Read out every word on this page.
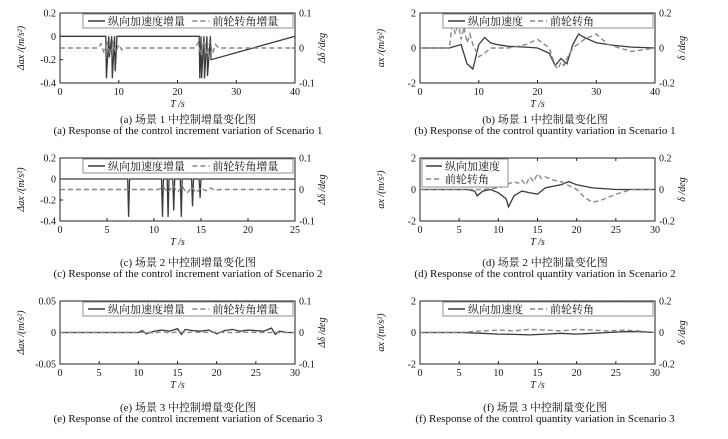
0	10	20	30	40
0.2
0
-0.2
-0.4
0.1
0
-0.1
T /s
Δax /(m/s²)	Δδ /deg
纵向加速度增量 前轮转角增量
0	10	20	30	40
2
0
-2
0.2
0
-0.2
T /s
ax /(m/s²)	δ /deg
纵向加速度 前轮转角
0	5	10	15	20	25
0.2
0
-0.2
-0.4
0.1
0
-0.1
T /s
Δax /(m/s²)	Δδ /deg
纵向加速度增量 前轮转角增量
0	5	10	15	20	25	30
2
0
-2
0.2
0
-0.2
T /s
ax /(m/s²)	δ /deg
纵向加速度
前轮转角
0	5	10	15	20	25	30
0.05
0
-0.05
0.1
0
-0.1
T /s
Δax /(m/s²)	Δδ /deg
纵向加速度增量 前轮转角增量
0	5	10	15	20	25	30
2
0
-2
0.2
0
-0.2
T /s
ax /(m/s²)	δ /deg
纵向加速度 前轮转角
(a) 场景 1 中控制增量变化图
(a) Response of the control increment variation of Scenario 1
(b) 场景 1 中控制量变化图
(b) Response of the control quantity variation in Scenario 1
(c) 场景 2 中控制增量变化图
(c) Response of the control increment variation of Scenario 2
(d) 场景 2 中控制量变化图
(d) Response of the control quantity variation in Scenario 2
(e) 场景 3 中控制增量变化图
(e) Response of the control increment variation of Scenario 3
(f) 场景 3 中控制量变化图
(f) Response of the control quantity variation in Scenario 3
